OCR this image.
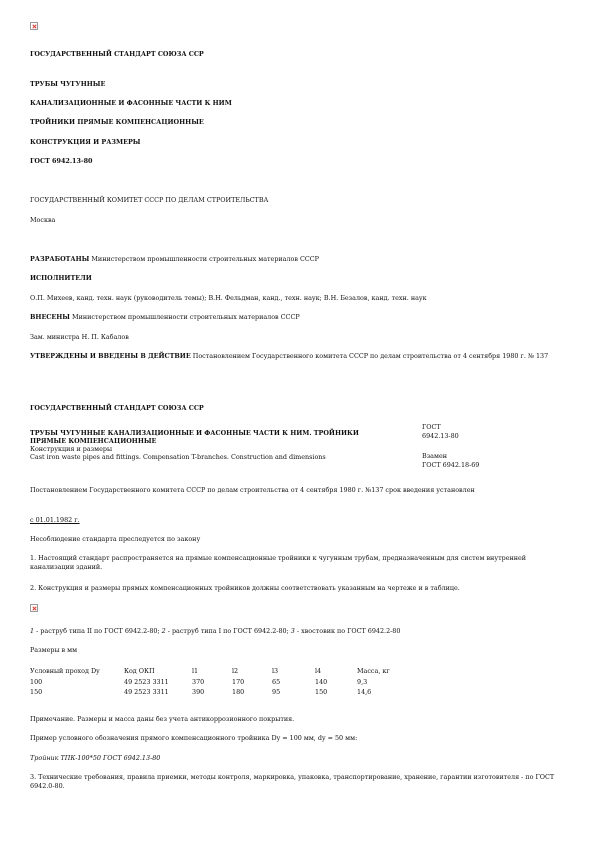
ГОСУДАРСТВЕННЫЙ СТАНДАРТ СОЮЗА ССР

ТРУБЫ ЧУГУННЫЕ

КАНАЛИЗАЦИОННЫЕ И ФАСОННЫЕ ЧАСТИ К НИМ

ТРОЙНИКИ ПРЯМЫЕ КОМПЕНСАЦИОННЫЕ

КОНСТРУКЦИЯ И РАЗМЕРЫ

ГОСТ 6942.13-80

ГОСУДАРСТВЕННЫЙ КОМИТЕТ СССР ПО ДЕЛАМ СТРОИТЕЛЬСТВА

Москва

РАЗРАБОТАНЫ Министерством промышленности строительных материалов СССР

ИСПОЛНИТЕЛИ

О.П. Михеев, канд. техн. наук (руководитель темы); В.Н. Фельдман, канд., техн. наук; В.Н. Безалов, канд. техн. наук

ВНЕСЕНЫ Министерством промышленности строительных материалов СССР

Зам. министра Н. П. Кабалов

УТВЕРЖДЕНЫ И ВВЕДЕНЫ В ДЕЙСТВИЕ Постановлением Государственного комитета СССР по делам строительства от 4 сентября 1980 г. № 137

ГОСУДАРСТВЕННЫЙ СТАНДАРТ СОЮЗА ССР

ТРУБЫ ЧУГУННЫЕ КАНАЛИЗАЦИОННЫЕ И ФАСОННЫЕ ЧАСТИ К НИМ. ТРОЙНИКИ

ПРЯМЫЕ КОМПЕНСАЦИОННЫЕ

Конструкция и размеры

Cast iron waste pipes and fittings. Compensation T-branches. Construction and dimensions

ГОСТ

6942.13-80

Взамен

ГОСТ 6942.18-69

Постановлением Государственного комитета СССР по делам строительства от 4 сентября 1980 г. №137 срок введения установлен

с 01.01.1982 г.

Несоблюдение стандарта преследуется по закону

1. Настоящий стандарт распространяется на прямые компенсационные тройники к чугунным трубам, предназначенным для систем внутренней канализации зданий.

2. Конструкция и размеры прямых компенсационных тройников должны соответствовать указанным на чертеже и в таблице.

1 - раструб типа II по ГОСТ 6942.2-80; 2 - раструб типа I по ГОСТ 6942.2-80; 3 - хвостовик по ГОСТ 6942.2-80

Размеры в мм

Условный проход Dy	Код ОКП	l1	l2	l3	l4	Масса, кг
100	49 2523 3311	370	170	65	140	9,3
150	49 2523 3311	390	180	95	150	14,6

Примечание. Размеры и масса даны без учета антикоррозионного покрытия.

Пример условного обозначения прямого компенсационного тройника Dy = 100 мм, dy = 50 мм:

Тройник ТПК-100*50 ГОСТ 6942.13-80

3. Технические требования, правила приемки, методы контроля, маркировка, упаковка, транспортирование, хранение, гарантии изготовителя - по ГОСТ 6942.0-80.
